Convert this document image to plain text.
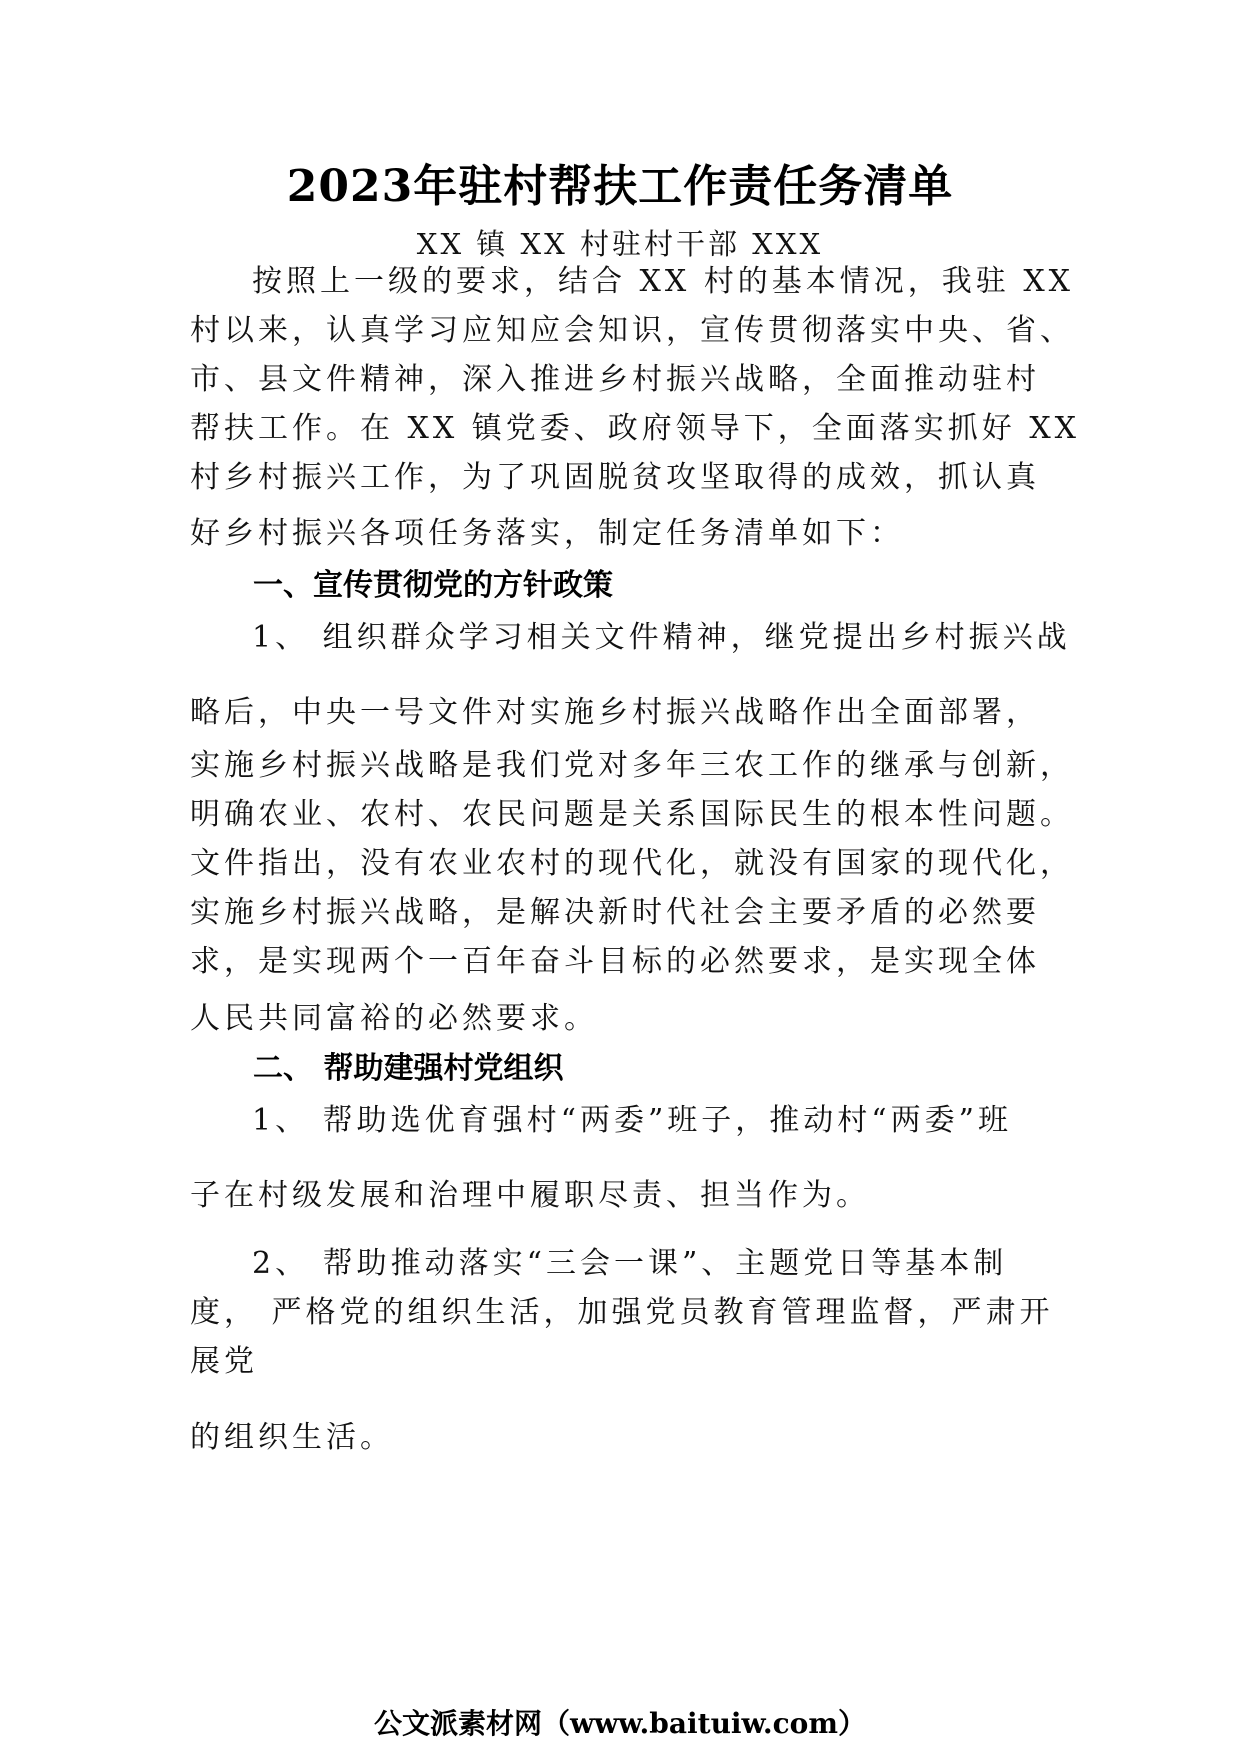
2023年驻村帮扶工作责任务清单
XX 镇 XX 村驻村干部 XXX
按照上一级的要求，结合 XX 村的基本情况，我驻 XX
村以来，认真学习应知应会知识，宣传贯彻落实中央、省、
市、县文件精神，深入推进乡村振兴战略，全面推动驻村
帮扶工作。在 XX 镇党委、政府领导下，全面落实抓好 XX
村乡村振兴工作，为了巩固脱贫攻坚取得的成效，抓认真
好乡村振兴各项任务落实，制定任务清单如下：
一、宣传贯彻党的方针政策
1、 组织群众学习相关文件精神，继党提出乡村振兴战
略后，中央一号文件对实施乡村振兴战略作出全面部署，
实施乡村振兴战略是我们党对多年三农工作的继承与创新，
明确农业、农村、农民问题是关系国际民生的根本性问题。
文件指出，没有农业农村的现代化，就没有国家的现代化，
实施乡村振兴战略，是解决新时代社会主要矛盾的必然要
求，是实现两个一百年奋斗目标的必然要求，是实现全体
人民共同富裕的必然要求。
二、 帮助建强村党组织
1、 帮助选优育强村“两委”班子，推动村“两委”班
子在村级发展和治理中履职尽责、担当作为。
2、 帮助推动落实“三会一课”、主题党日等基本制
度， 严格党的组织生活，加强党员教育管理监督，严肃开
展党
的组织生活。
公文派素材网（www.baituiw.com）
